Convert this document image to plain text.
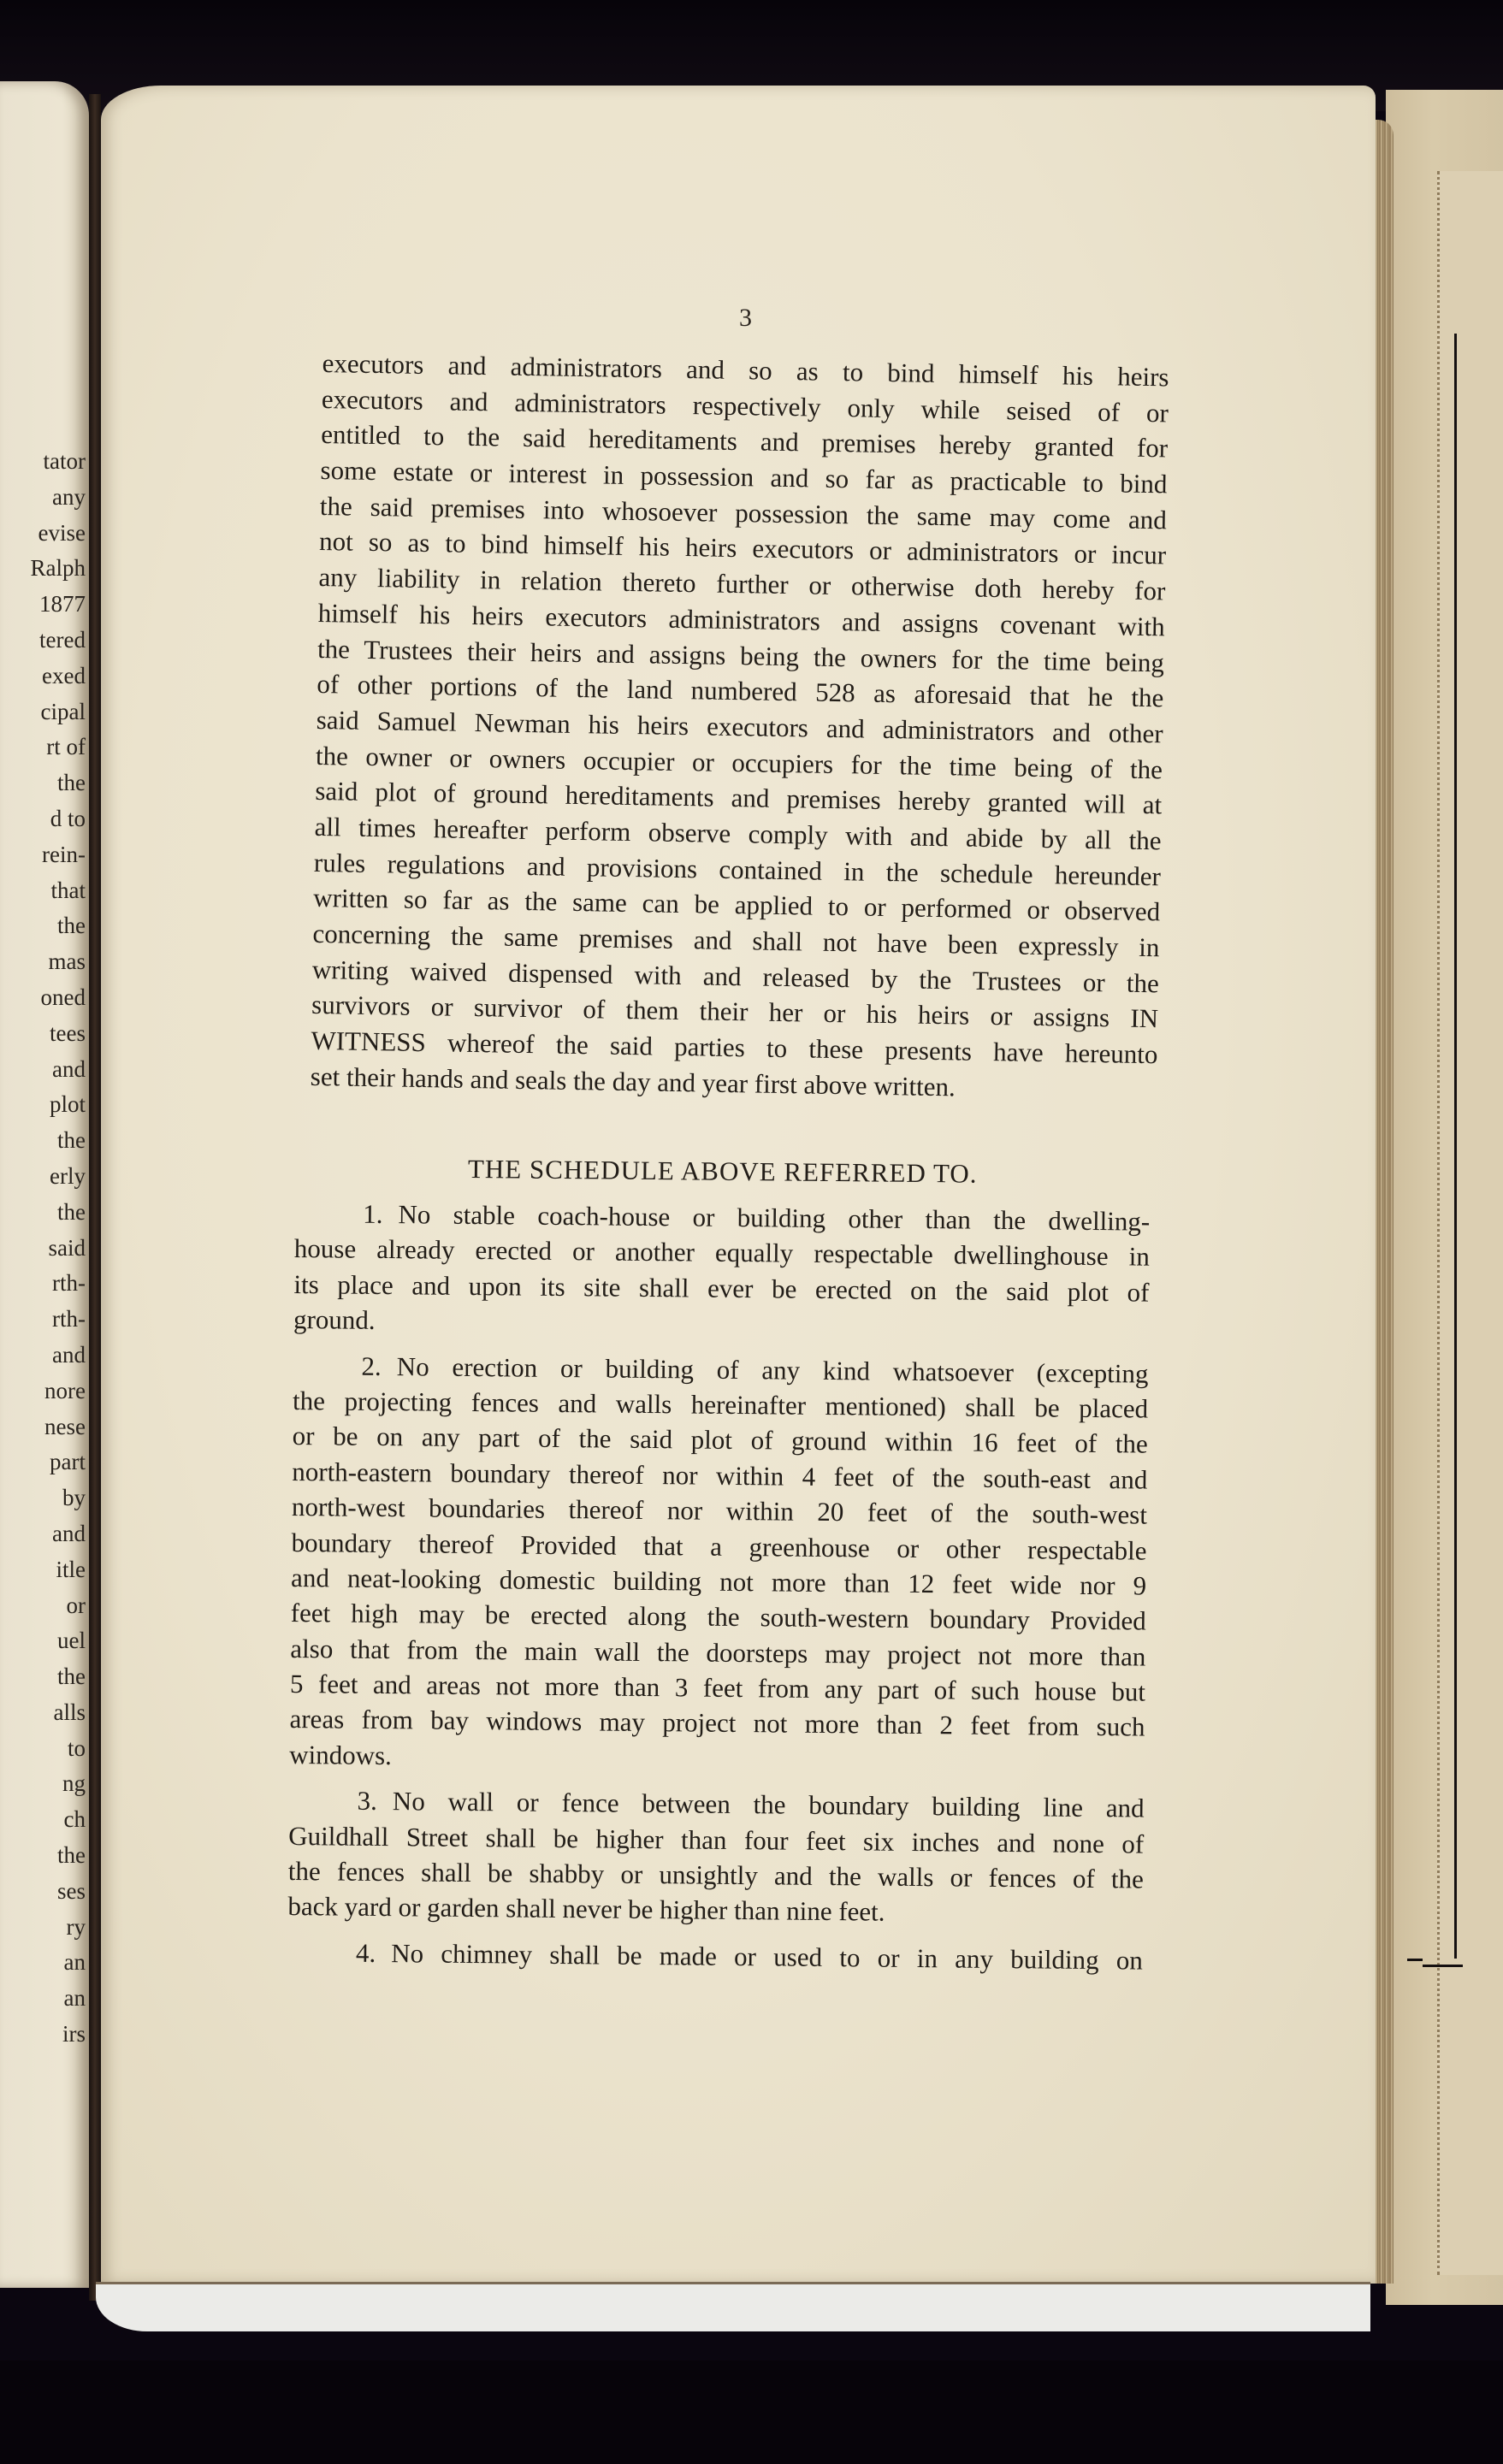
tator
any
evise
Ralph
1877
tered
exed
cipal
rt of
the
d to
rein-
that
the
mas
oned
tees
and
plot
the
erly
the
said
rth-
rth-
and
nore
nese
part
by
and
itle
or
uel
the
alls
to
ng
ch
the
ses
ry
an
an
irs
3
executors and administrators and so as to bind himself his heirs
executors and administrators respectively only while seised of or
entitled to the said hereditaments and premises hereby granted for
some estate or interest in possession and so far as practicable to bind
the said premises into whosoever possession the same may come and
not so as to bind himself his heirs executors or administrators or incur
any liability in relation thereto further or otherwise doth hereby for
himself his heirs executors administrators and assigns covenant with
the Trustees their heirs and assigns being the owners for the time being
of other portions of the land numbered 528 as aforesaid that he the
said Samuel Newman his heirs executors and administrators and other
the owner or owners occupier or occupiers for the time being of the
said plot of ground hereditaments and premises hereby granted will at
all times hereafter perform observe comply with and abide by all the
rules regulations and provisions contained in the schedule hereunder
written so far as the same can be applied to or performed or observed
concerning the same premises and shall not have been expressly in
writing waived dispensed with and released by the Trustees or the
survivors or survivor of them their her or his heirs or assigns IN
WITNESS whereof the said parties to these presents have hereunto
set their hands and seals the day and year first above written.
THE SCHEDULE ABOVE REFERRED TO.
1. No stable coach-house or building other than the dwelling-
house already erected or another equally respectable dwellinghouse in
its place and upon its site shall ever be erected on the said plot of
ground.
2. No erection or building of any kind whatsoever (excepting
the projecting fences and walls hereinafter mentioned) shall be placed
or be on any part of the said plot of ground within 16 feet of the
north-eastern boundary thereof nor within 4 feet of the south-east and
north-west boundaries thereof nor within 20 feet of the south-west
boundary thereof Provided that a greenhouse or other respectable
and neat-looking domestic building not more than 12 feet wide nor 9
feet high may be erected along the south-western boundary Provided
also that from the main wall the doorsteps may project not more than
5 feet and areas not more than 3 feet from any part of such house but
areas from bay windows may project not more than 2 feet from such
windows.
3. No wall or fence between the boundary building line and
Guildhall Street shall be higher than four feet six inches and none of
the fences shall be shabby or unsightly and the walls or fences of the
back yard or garden shall never be higher than nine feet.
4. No chimney shall be made or used to or in any building on
